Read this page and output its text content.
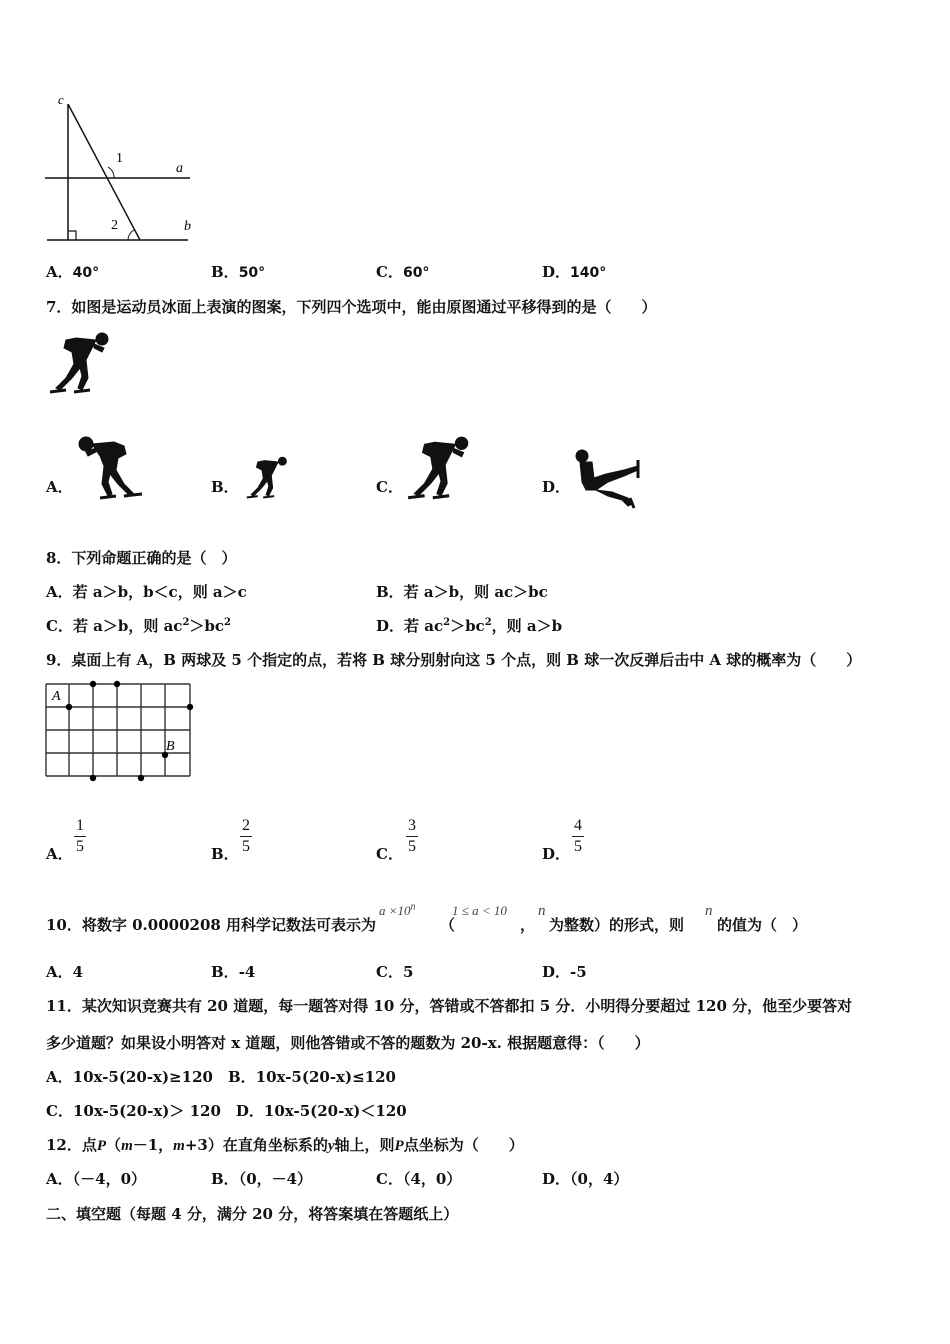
c
a
b
1
2
A．40°	B．50°	C．60°	D．140°
7．如图是运动员冰面上表演的图案，下列四个选项中，能由原图通过平移得到的是（　　）
A．	B．	C．	D．
8．下列命题正确的是（　）
A．若 a＞b，b＜c，则 a＞c	B．若 a＞b，则 ac＞bc
C．若 a＞b，则 $ac^2>bc^2$	D．若 $ac^2>bc^2$，则 a＞b
9．桌面上有 A，B 两球及 5 个指定的点，若将 B 球分别射向这 5 个点，则 B 球一次反弹后击中 A 球的概率为（　　）
A
B
A．
1
5	B．
2
5	C．
3
5	D．
4
5
10．将数字 0.0000208 用科学记数法可表示为
$a \times 10^n$
（
1 ≤ a < 10
，
n
为整数）的形式，则
n
的值为（　）
A．4	B．-4	C．5	D．-5
11．某次知识竞赛共有 20 道题，每一题答对得 10 分，答错或不答都扣 5 分．小明得分要超过 120 分，他至少要答对
多少道题？如果设小明答对 x 道题，则他答错或不答的题数为 20-x. 根据题意得：（　　）
A．10x-5(20-x)≥120　B．10x-5(20-x)≤120
C．10x-5(20-x)＞ 120　D．10x-5(20-x)＜120
12．点P（m－1，m+3）在直角坐标系的y轴上，则P点坐标为（　　）
A．（－4，0）	B．（0，－4）	C．（4，0）	D．（0，4）
二、填空题（每题 4 分，满分 20 分，将答案填在答题纸上）
